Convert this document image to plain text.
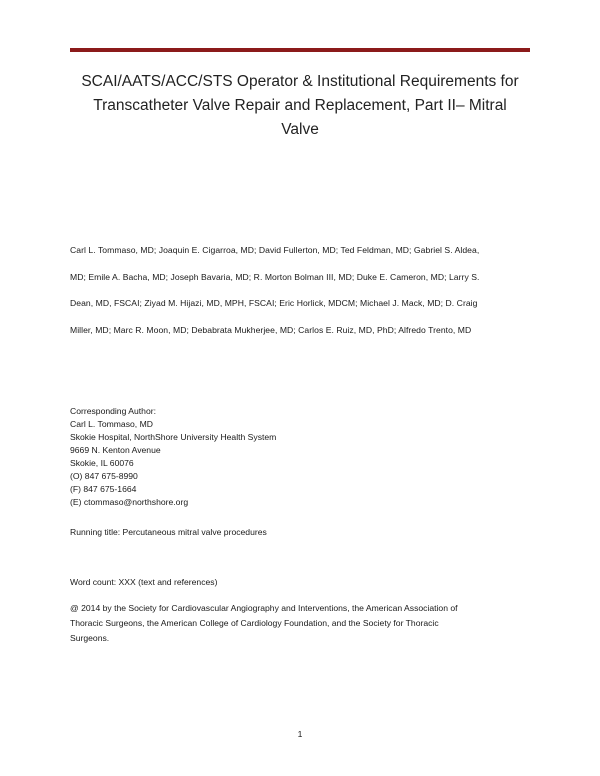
SCAI/AATS/ACC/STS Operator & Institutional Requirements for
Transcatheter Valve Repair and Replacement, Part II– Mitral
Valve
Carl L. Tommaso, MD; Joaquin E. Cigarroa, MD; David Fullerton, MD; Ted Feldman, MD; Gabriel S. Aldea,
MD; Emile A. Bacha, MD; Joseph Bavaria, MD; R. Morton Bolman III, MD; Duke E. Cameron, MD; Larry S.
Dean, MD, FSCAI; Ziyad M. Hijazi, MD, MPH, FSCAI; Eric Horlick, MDCM; Michael J. Mack, MD; D. Craig
Miller, MD; Marc R. Moon, MD; Debabrata Mukherjee, MD; Carlos E. Ruiz, MD, PhD; Alfredo Trento, MD
Corresponding Author:
Carl L. Tommaso, MD
Skokie Hospital, NorthShore University Health System
9669 N. Kenton Avenue
Skokie, IL 60076
(O) 847 675-8990
(F) 847 675-1664
(E) ctommaso@northshore.org
Running title: Percutaneous mitral valve procedures
Word count: XXX (text and references)
@ 2014 by the Society for Cardiovascular Angiography and Interventions, the American Association of
Thoracic Surgeons, the American College of Cardiology Foundation, and the Society for Thoracic
Surgeons.
1
